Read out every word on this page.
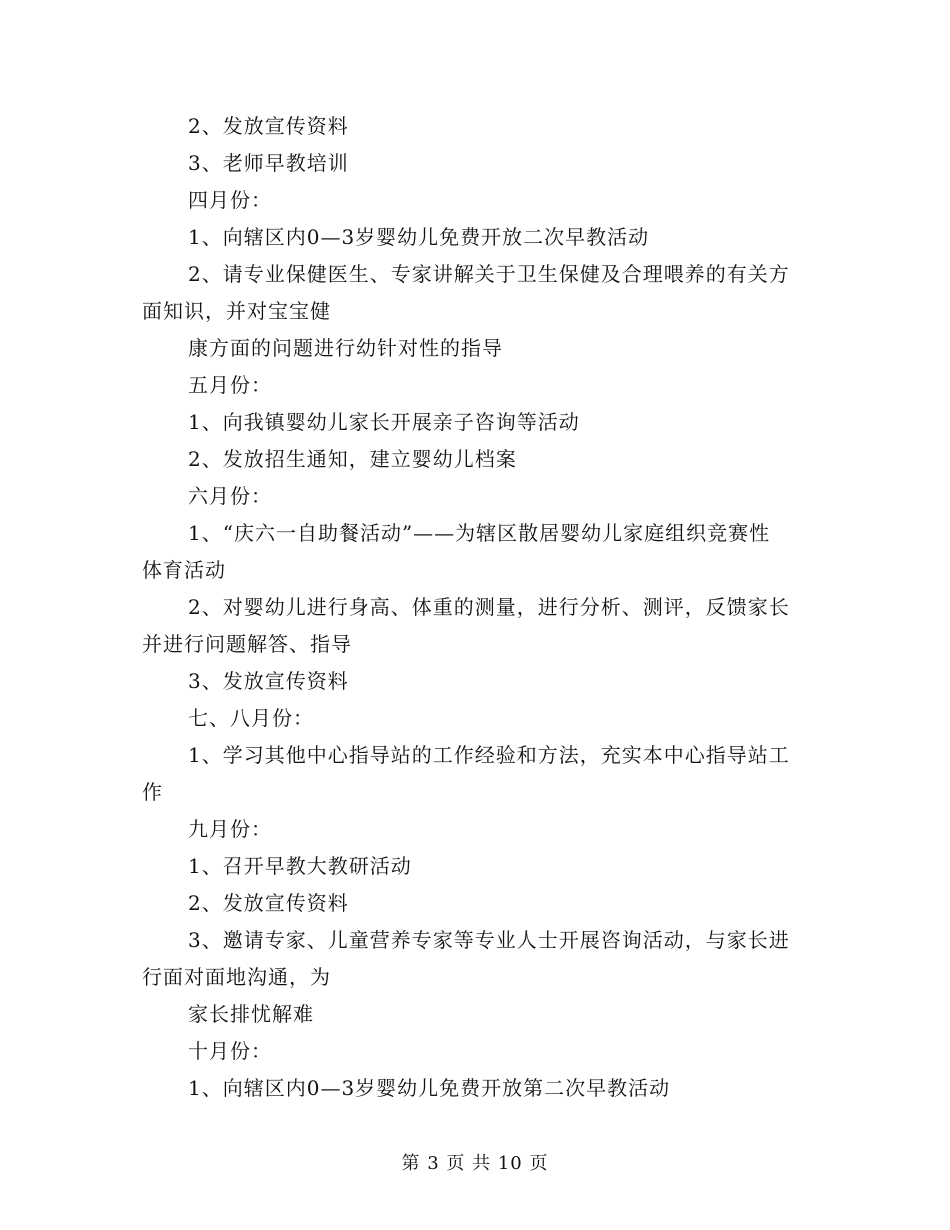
2、发放宣传资料
3、老师早教培训
四月份：
1、向辖区内0—3岁婴幼儿免费开放二次早教活动
2、请专业保健医生、专家讲解关于卫生保健及合理喂养的有关方
面知识，并对宝宝健
康方面的问题进行幼针对性的指导
五月份：
1、向我镇婴幼儿家长开展亲子咨询等活动
2、发放招生通知，建立婴幼儿档案
六月份：
1、“庆六一自助餐活动”——为辖区散居婴幼儿家庭组织竞赛性
体育活动
2、对婴幼儿进行身高、体重的测量，进行分析、测评，反馈家长
并进行问题解答、指导
3、发放宣传资料
七、八月份：
1、学习其他中心指导站的工作经验和方法，充实本中心指导站工
作
九月份：
1、召开早教大教研活动
2、发放宣传资料
3、邀请专家、儿童营养专家等专业人士开展咨询活动，与家长进
行面对面地沟通，为
家长排忧解难
十月份：
1、向辖区内0—3岁婴幼儿免费开放第二次早教活动
第 3 页 共 10 页
